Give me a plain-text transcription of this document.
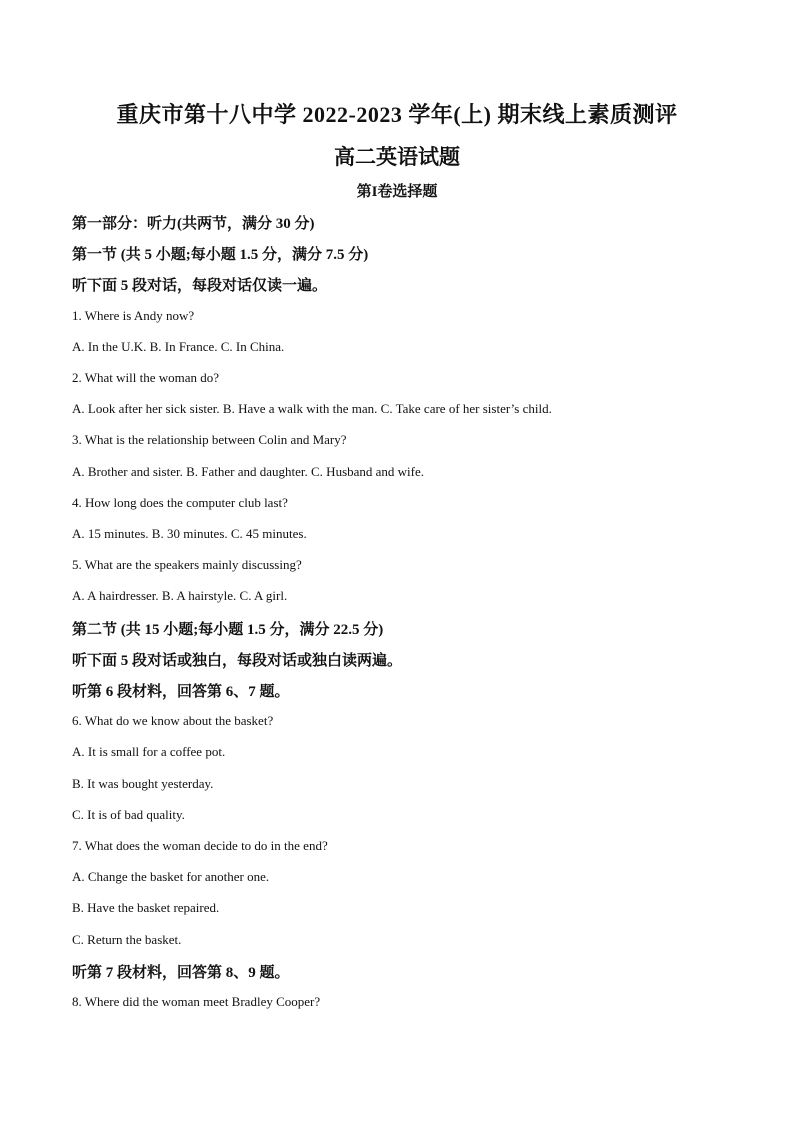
重庆市第十八中学 2022-2023 学年(上) 期末线上素质测评
高二英语试题
第I卷选择题
第一部分：听力(共两节，满分 30 分)
第一节 (共 5 小题;每小题 1.5 分，满分 7.5 分)
听下面 5 段对话，每段对话仅读一遍。
1. Where is Andy now?
A. In the U.K. B. In France. C. In China.
2. What will the woman do?
A. Look after her sick sister. B. Have a walk with the man. C. Take care of her sister’s child.
3. What is the relationship between Colin and Mary?
A. Brother and sister. B. Father and daughter. C. Husband and wife.
4. How long does the computer club last?
A. 15 minutes. B. 30 minutes. C. 45 minutes.
5. What are the speakers mainly discussing?
A. A hairdresser. B. A hairstyle. C. A girl.
第二节 (共 15 小题;每小题 1.5 分，满分 22.5 分)
听下面 5 段对话或独白，每段对话或独白读两遍。
听第 6 段材料，回答第 6、7 题。
6. What do we know about the basket?
A. It is small for a coffee pot.
B. It was bought yesterday.
C. It is of bad quality.
7. What does the woman decide to do in the end?
A. Change the basket for another one.
B. Have the basket repaired.
C. Return the basket.
听第 7 段材料，回答第 8、9 题。
8. Where did the woman meet Bradley Cooper?
